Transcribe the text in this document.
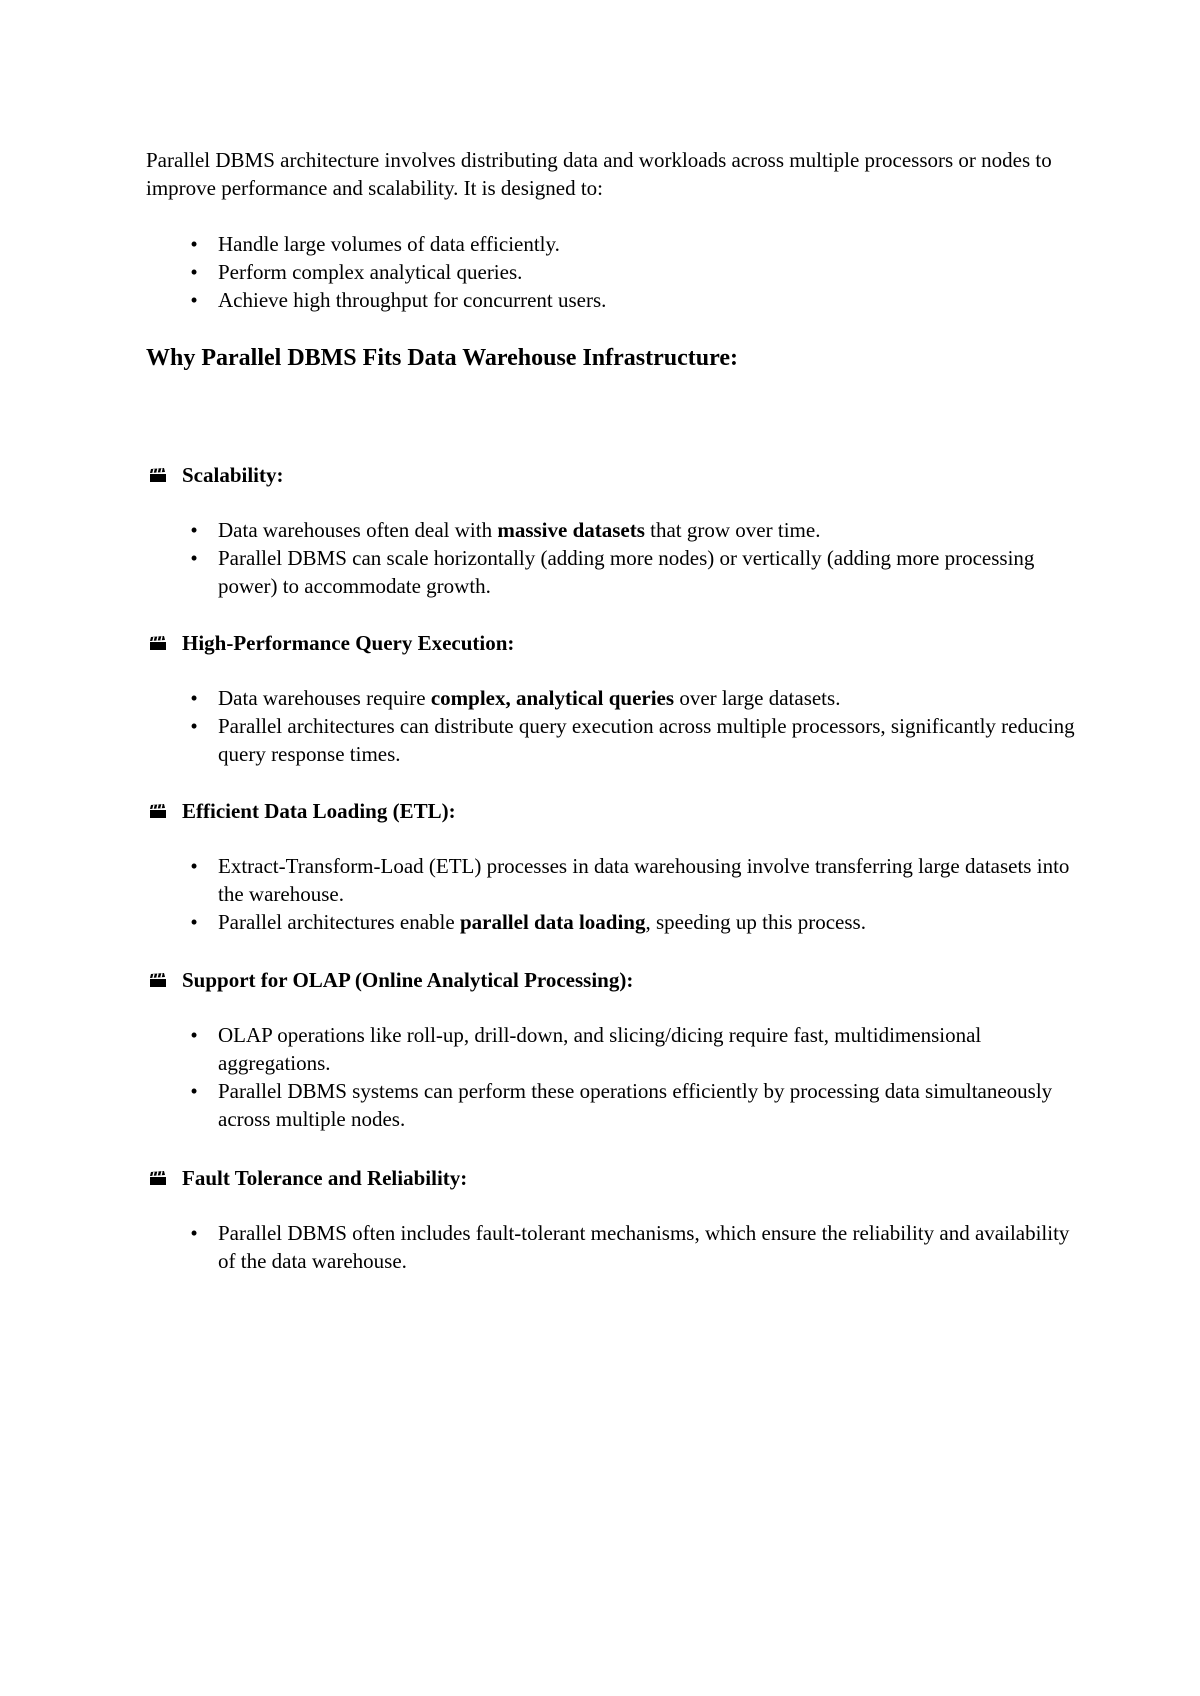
Parallel DBMS architecture involves distributing data and workloads across multiple processors or nodes to improve performance and scalability. It is designed to:

• Handle large volumes of data efficiently.
• Perform complex analytical queries.
• Achieve high throughput for concurrent users.
Why Parallel DBMS Fits Data Warehouse Infrastructure:
Scalability:
• Data warehouses often deal with massive datasets that grow over time.
• Parallel DBMS can scale horizontally (adding more nodes) or vertically (adding more processing power) to accommodate growth.
High-Performance Query Execution:
• Data warehouses require complex, analytical queries over large datasets.
• Parallel architectures can distribute query execution across multiple processors, significantly reducing query response times.
Efficient Data Loading (ETL):
• Extract-Transform-Load (ETL) processes in data warehousing involve transferring large datasets into the warehouse.
• Parallel architectures enable parallel data loading, speeding up this process.
Support for OLAP (Online Analytical Processing):
• OLAP operations like roll-up, drill-down, and slicing/dicing require fast, multidimensional aggregations.
• Parallel DBMS systems can perform these operations efficiently by processing data simultaneously across multiple nodes.
Fault Tolerance and Reliability:
• Parallel DBMS often includes fault-tolerant mechanisms, which ensure the reliability and availability of the data warehouse.
